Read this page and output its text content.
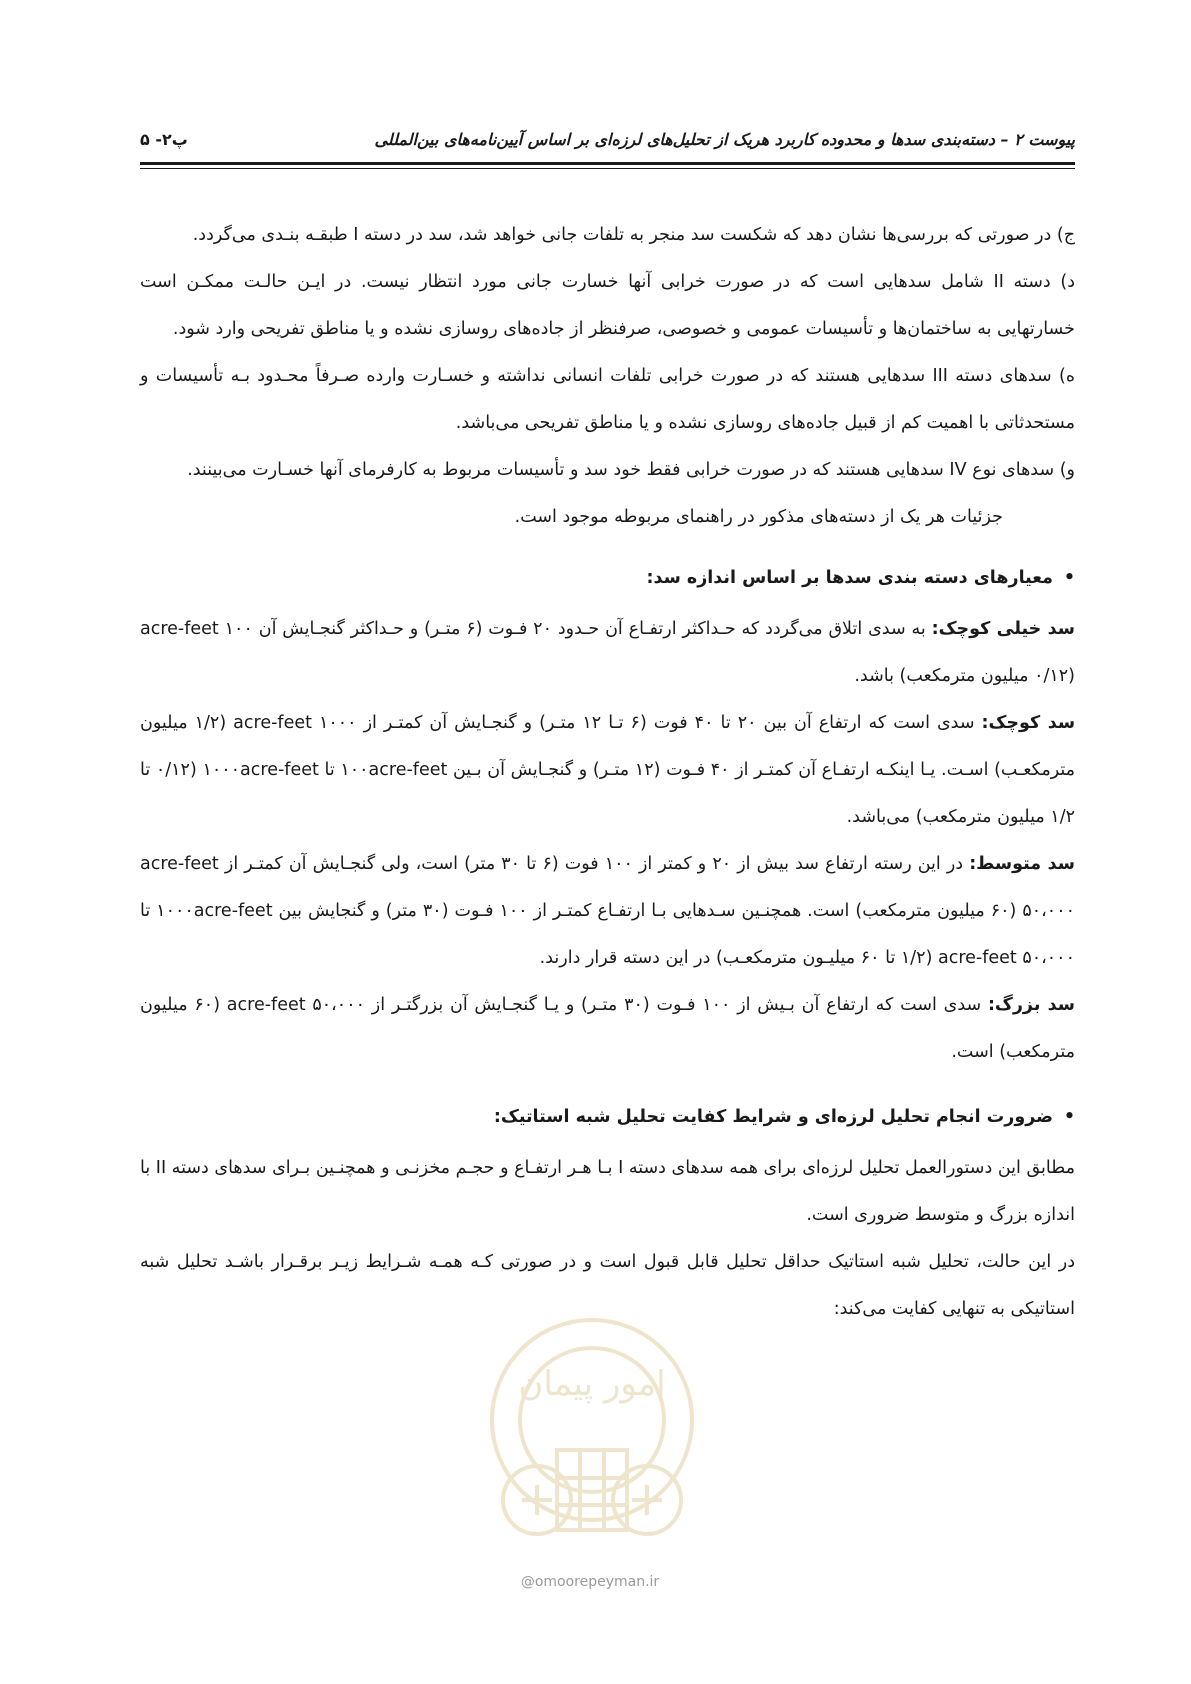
پیوست ۲ – دسته‌بندی سدها و محدوده کاربرد هریک از تحلیل‌های لرزه‌ای بر اساس آیین‌نامه‌های بین‌المللی
پ۲- ۵

ج) در صورتی که بررسی‌ها نشان دهد که شکست سد منجر به تلفات جانی خواهد شد، سد در دسته I طبقـه بنـدی می‌گردد.

د) دسته II شامل سدهایی است که در صورت خرابی آنها خسارت جانی مورد انتظار نیست. در ایـن حالـت ممکـن است خسارتهایی به ساختمان‌ها و تأسیسات عمومی و خصوصی، صرفنظر از جاده‌های روسازی نشده و یا مناطق تفریحی وارد شود.

ه) سدهای دسته III سدهایی هستند که در صورت خرابی تلفات انسانی نداشته و خسـارت وارده صـرفاً محـدود بـه تأسیسات و مستحدثاتی با اهمیت کم از قبیل جاده‌های روسازی نشده و یا مناطق تفریحی می‌باشد.

و) سدهای نوع IV سدهایی هستند که در صورت خرابی فقط خود سد و تأسیسات مربوط به کارفرمای آنها خسـارت می‌بینند.

جزئیات هر یک از دسته‌های مذکور در راهنمای مربوطه موجود است.

•
معیارهای دسته بندی سدها بر اساس اندازه سد:

سد خیلی کوچک: به سدی اتلاق می‌گردد که حـداکثر ارتفـاع آن حـدود ۲۰ فـوت (۶ متـر) و حـداکثر گنجـایش آن ۱۰۰ acre-feet (۰/۱۲ میلیون مترمکعب) باشد.

سد کوچک: سدی است که ارتفاع آن بین ۲۰ تا ۴۰ فوت (۶ تـا ۱۲ متـر) و گنجـایش آن کمتـر از acre-feet ۱۰۰۰ (۱/۲ میلیون مترمکعـب) اسـت. یـا اینکـه ارتفـاع آن کمتـر از ۴۰ فـوت (۱۲ متـر) و گنجـایش آن بـین ۱۰۰acre-feet تا ۱۰۰۰acre-feet (۰/۱۲ تا ۱/۲ میلیون مترمکعب) می‌باشد.

سد متوسط: در این رسته ارتفاع سد بیش از ۲۰ و کمتر از ۱۰۰ فوت (۶ تا ۳۰ متر) است، ولی گنجـایش آن کمتـر از acre-feet ۵۰،۰۰۰ (۶۰ میلیون مترمکعب) است. همچنـین سـدهایی بـا ارتفـاع کمتـر از ۱۰۰ فـوت (۳۰ متر) و گنجایش بین ۱۰۰۰acre-feet تا acre-feet ۵۰،۰۰۰ (۱/۲ تا ۶۰ میلیـون مترمکعـب) در این دسته قرار دارند.

سد بزرگ: سدی است که ارتفاع آن بـیش از ۱۰۰ فـوت (۳۰ متـر) و یـا گنجـایش آن بزرگتـر از acre-feet ۵۰،۰۰۰ (۶۰ میلیون مترمکعب) است.

•
ضرورت انجام تحلیل لرزه‌ای و شرایط کفایت تحلیل شبه استاتیک:

مطابق این دستورالعمل تحلیل لرزه‌ای برای همه سدهای دسته I بـا هـر ارتفـاع و حجـم مخزنـی و همچنـین بـرای سدهای دسته II با اندازه بزرگ و متوسط ضروری است.

در این حالت، تحلیل شبه استاتیک حداقل تحلیل قابل قبول است و در صورتی کـه همـه شـرایط زیـر برقـرار باشـد تحلیل شبه استاتیکی به تنهایی کفایت می‌کند:

امور پیمان
@omoorepeyman.ir
